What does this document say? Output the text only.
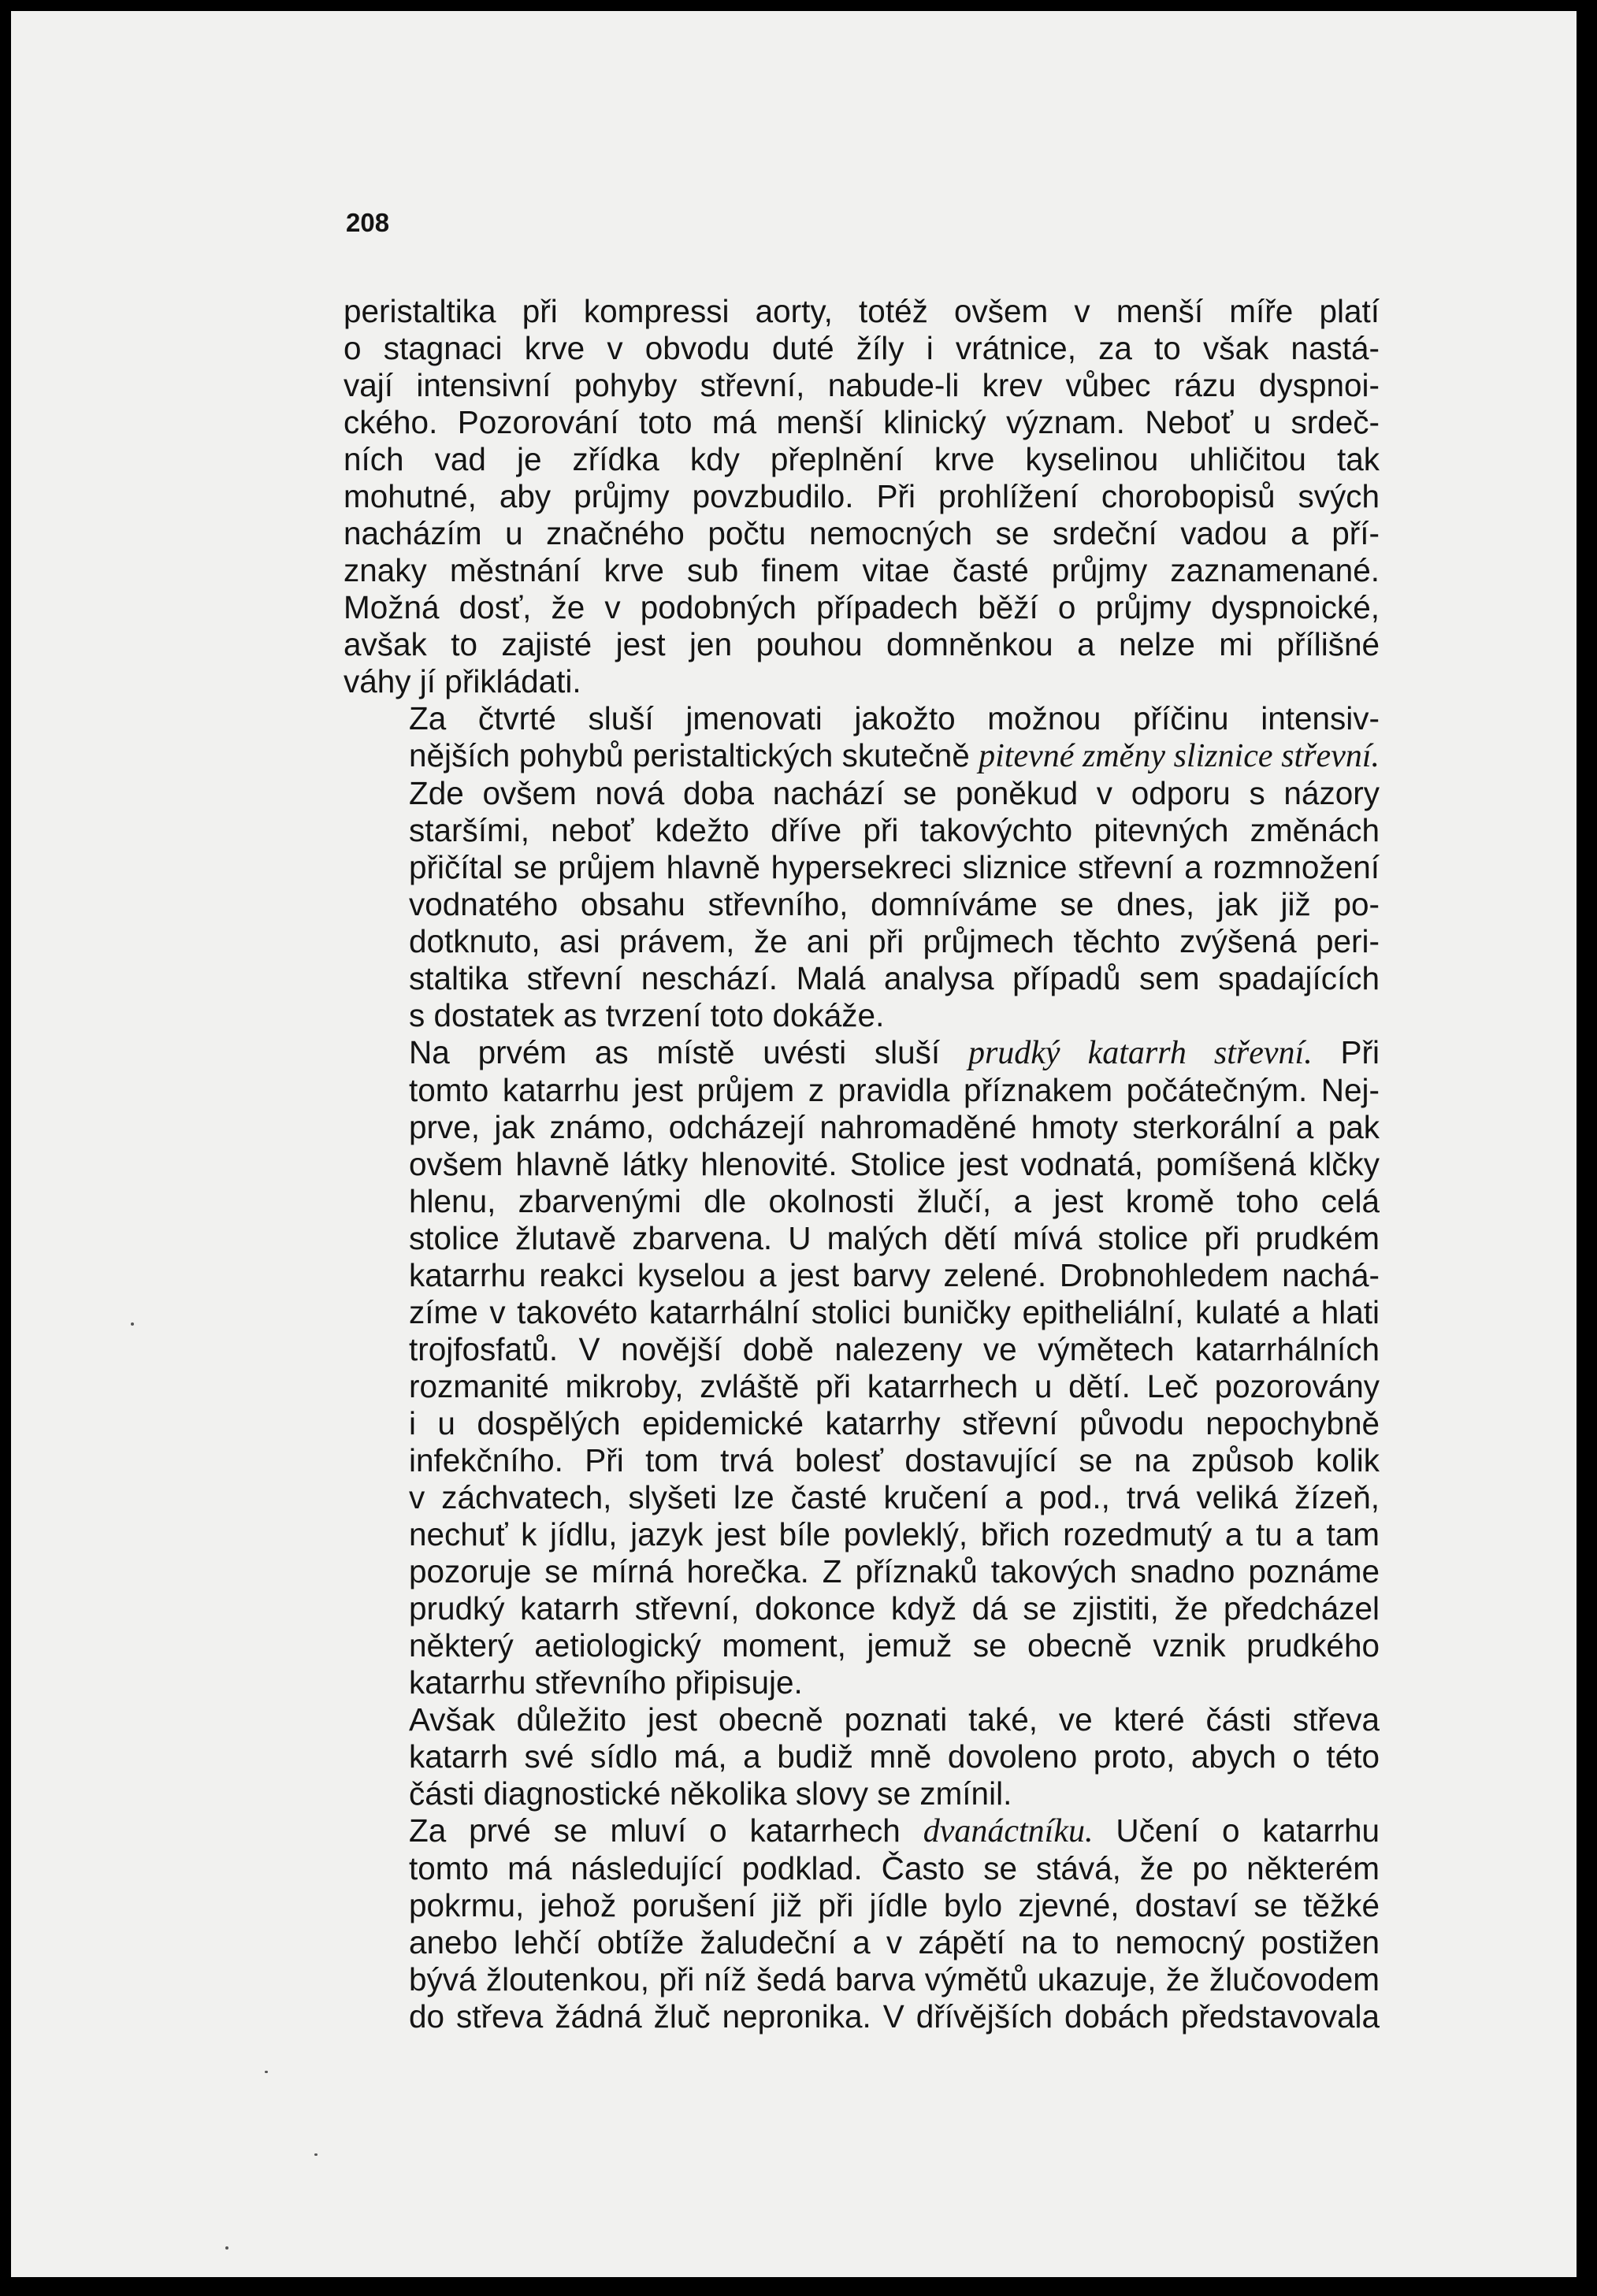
208

peristaltika při kompressi aorty, totéž ovšem v menší míře platí
o stagnaci krve v obvodu duté žíly i vrátnice, za to však nastá-
vají intensivní pohyby střevní, nabude-li krev vůbec rázu dyspnoi-
ckého. Pozorování toto má menší klinický význam. Neboť u srdeč-
ních vad je zřídka kdy přeplnění krve kyselinou uhličitou tak
mohutné, aby průjmy povzbudilo. Při prohlížení chorobopisů svých
nacházím u značného počtu nemocných se srdeční vadou a pří-
znaky městnání krve sub finem vitae časté průjmy zaznamenané.
Možná dosť, že v podobných případech běží o průjmy dyspnoické,
avšak to zajisté jest jen pouhou domněnkou a nelze mi přílišné
váhy jí přikládati.

Za čtvrté sluší jmenovati jakožto možnou příčinu intensiv-
nějších pohybů peristaltických skutečně pitevné změny sliznice střevní.
Zde ovšem nová doba nachází se poněkud v odporu s názory
staršími, neboť kdežto dříve při takovýchto pitevných změnách
přičítal se průjem hlavně hypersekreci sliznice střevní a rozmnožení
vodnatého obsahu střevního, domníváme se dnes, jak již po-
dotknuto, asi právem, že ani při průjmech těchto zvýšená peri-
staltika střevní neschází. Malá analysa případů sem spadajících
s dostatek as tvrzení toto dokáže.

Na prvém as místě uvésti sluší prudký katarrh střevní. Při
tomto katarrhu jest průjem z pravidla příznakem počátečným. Nej-
prve, jak známo, odcházejí nahromaděné hmoty sterkorální a pak
ovšem hlavně látky hlenovité. Stolice jest vodnatá, pomíšená klčky
hlenu, zbarvenými dle okolnosti žlučí, a jest kromě toho celá
stolice žlutavě zbarvena. U malých dětí mívá stolice při prudkém
katarrhu reakci kyselou a jest barvy zelené. Drobnohledem nachá-
zíme v takovéto katarrhální stolici buničky epitheliální, kulaté a hlati
trojfosfatů. V novější době nalezeny ve výmětech katarrhálních
rozmanité mikroby, zvláště při katarrhech u dětí. Leč pozorovány
i u dospělých epidemické katarrhy střevní původu nepochybně
infekčního. Při tom trvá bolesť dostavující se na způsob kolik
v záchvatech, slyšeti lze časté kručení a pod., trvá veliká žízeň,
nechuť k jídlu, jazyk jest bíle povleklý, břich rozedmutý a tu a tam
pozoruje se mírná horečka. Z příznaků takových snadno poznáme
prudký katarrh střevní, dokonce když dá se zjistiti, že předcházel
některý aetiologický moment, jemuž se obecně vznik prudkého
katarrhu střevního připisuje.

Avšak důležito jest obecně poznati také, ve které části střeva
katarrh své sídlo má, a budiž mně dovoleno proto, abych o této
části diagnostické několika slovy se zmínil.

Za prvé se mluví o katarrhech dvanáctníku. Učení o katarrhu
tomto má následující podklad. Často se stává, že po některém
pokrmu, jehož porušení již při jídle bylo zjevné, dostaví se těžké
anebo lehčí obtíže žaludeční a v zápětí na to nemocný postižen
bývá žloutenkou, při níž šedá barva výmětů ukazuje, že žlučovodem
do střeva žádná žluč nepronika. V dřívějších dobách představovala
